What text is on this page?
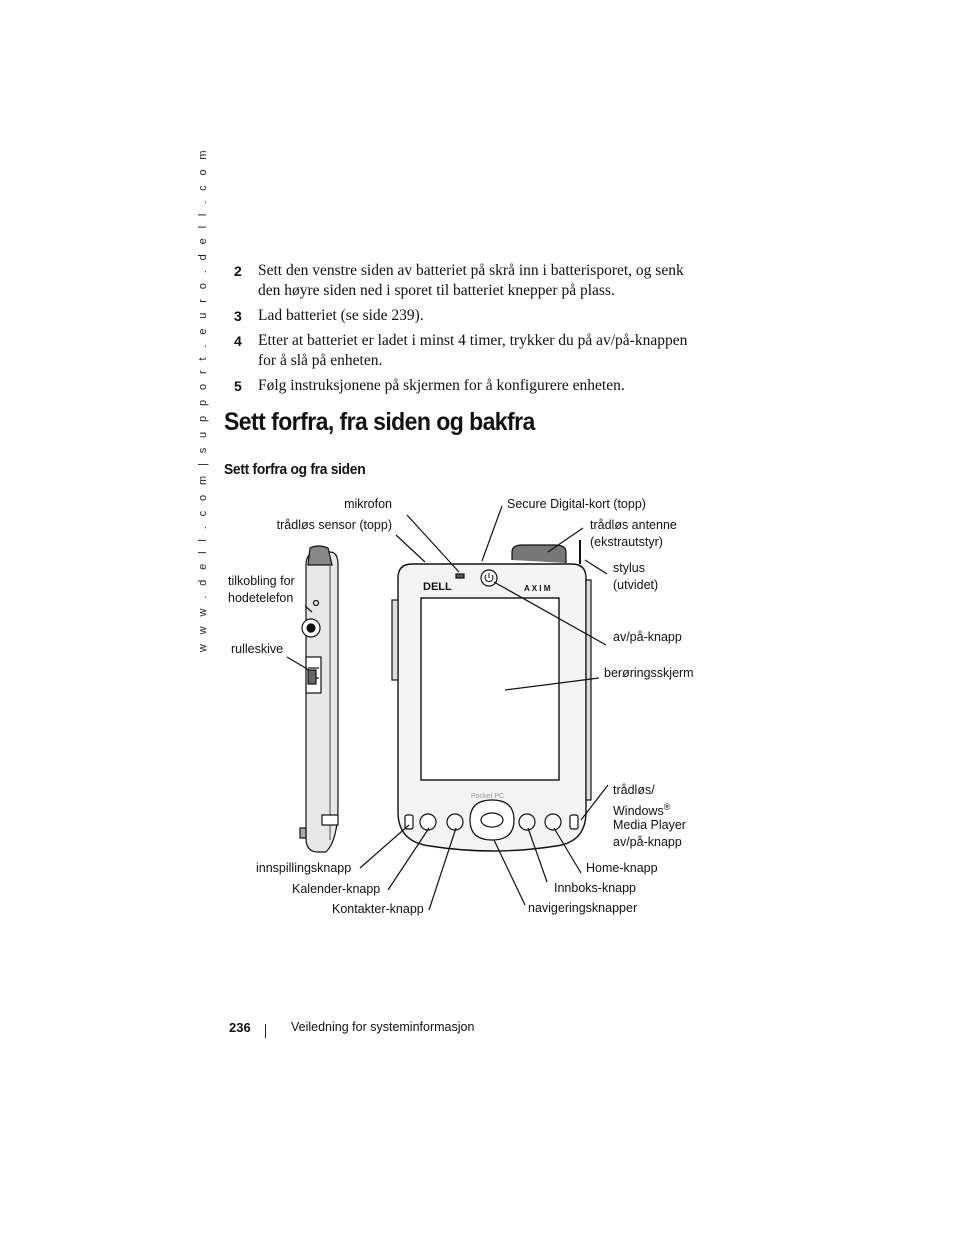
w w w . d e l l . c o m | s u p p o r t . e u r o . d e l l . c o m 2	Sett den venstre siden av batteriet på skrå inn i batterisporet, og senk den høyre siden ned i sporet til batteriet knepper på plass.
3	Lad batteriet (se side 239).
4	Etter at batteriet er ladet i minst 4 timer, trykker du på av/på-knappen for å slå på enheten.
5	Følg instruksjonene på skjermen for å konfigurere enheten.
Sett forfra, fra siden og bakfra
Sett forfra og fra siden
DELL	A X I M
Pocket PC
mikrofon
trådløs sensor (topp)
Secure Digital-kort (topp)
trådløs antenne
(ekstrautstyr)
stylus
(utvidet)
tilkobling for
hodetelefon
rulleskive
av/på-knapp
berøringsskjerm
trådløs/
Windows®
Media Player
av/på-knapp
innspillingsknapp
Kalender-knapp
Kontakter-knapp
Home-knapp
Innboks-knapp
navigeringsknapper
236	Veiledning for systeminformasjon
